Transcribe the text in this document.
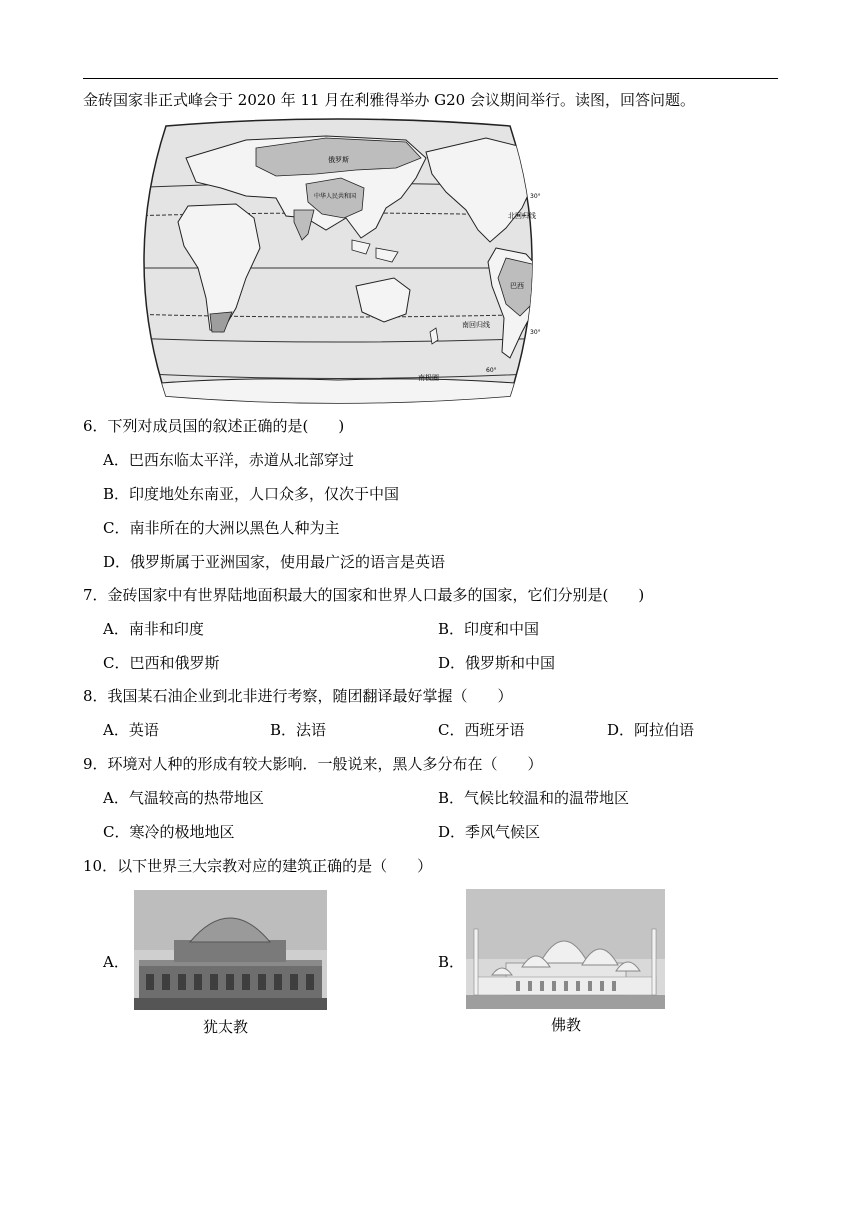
金砖国家非正式峰会于 2020 年 11 月在利雅得举办 G20 会议期间举行。读图，回答问题。
俄罗斯
中华人民共和国
巴西
北回归线
南回归线
南极圈
30°
30°
60°
6．下列对成员国的叙述正确的是(　　)
A．巴西东临太平洋，赤道从北部穿过
B．印度地处东南亚，人口众多，仅次于中国
C．南非所在的大洲以黑色人种为主
D．俄罗斯属于亚洲国家，使用最广泛的语言是英语
7．金砖国家中有世界陆地面积最大的国家和世界人口最多的国家，它们分别是(　　)
A．南非和印度	B．印度和中国
C．巴西和俄罗斯	D．俄罗斯和中国
8．我国某石油企业到北非进行考察，随团翻译最好掌握（　　）
A．英语	B．法语	C．西班牙语	D．阿拉伯语
9．环境对人种的形成有较大影响．一般说来，黑人多分布在（　　）
A．气温较高的热带地区	B．气候比较温和的温带地区
C．寒冷的极地地区	D．季风气候区
10．以下世界三大宗教对应的建筑正确的是（　　）
A．
犹太教
B．
佛教
